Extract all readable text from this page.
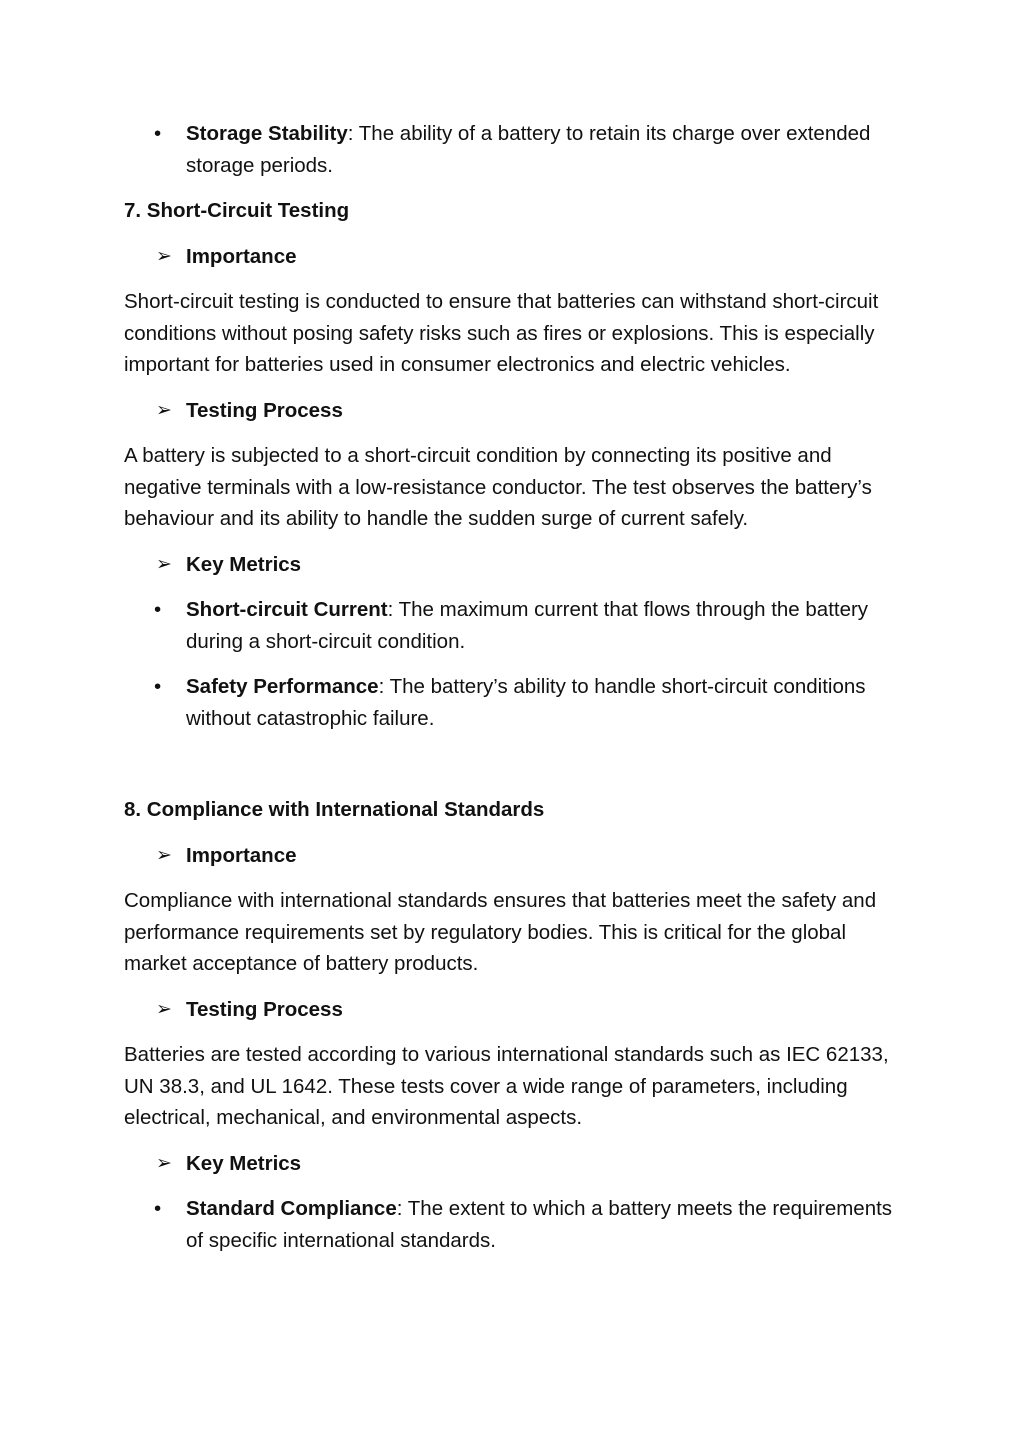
• Storage Stability: The ability of a battery to retain its charge over extended storage periods.

7. Short-Circuit Testing

➢ Importance

Short-circuit testing is conducted to ensure that batteries can withstand short-circuit conditions without posing safety risks such as fires or explosions. This is especially important for batteries used in consumer electronics and electric vehicles.

➢ Testing Process

A battery is subjected to a short-circuit condition by connecting its positive and negative terminals with a low-resistance conductor. The test observes the battery’s behaviour and its ability to handle the sudden surge of current safely.

➢ Key Metrics
• Short-circuit Current: The maximum current that flows through the battery during a short-circuit condition.
• Safety Performance: The battery’s ability to handle short-circuit conditions without catastrophic failure.

8. Compliance with International Standards

➢ Importance

Compliance with international standards ensures that batteries meet the safety and performance requirements set by regulatory bodies. This is critical for the global market acceptance of battery products.

➢ Testing Process

Batteries are tested according to various international standards such as IEC 62133, UN 38.3, and UL 1642. These tests cover a wide range of parameters, including electrical, mechanical, and environmental aspects.

➢ Key Metrics
• Standard Compliance: The extent to which a battery meets the requirements of specific international standards.
